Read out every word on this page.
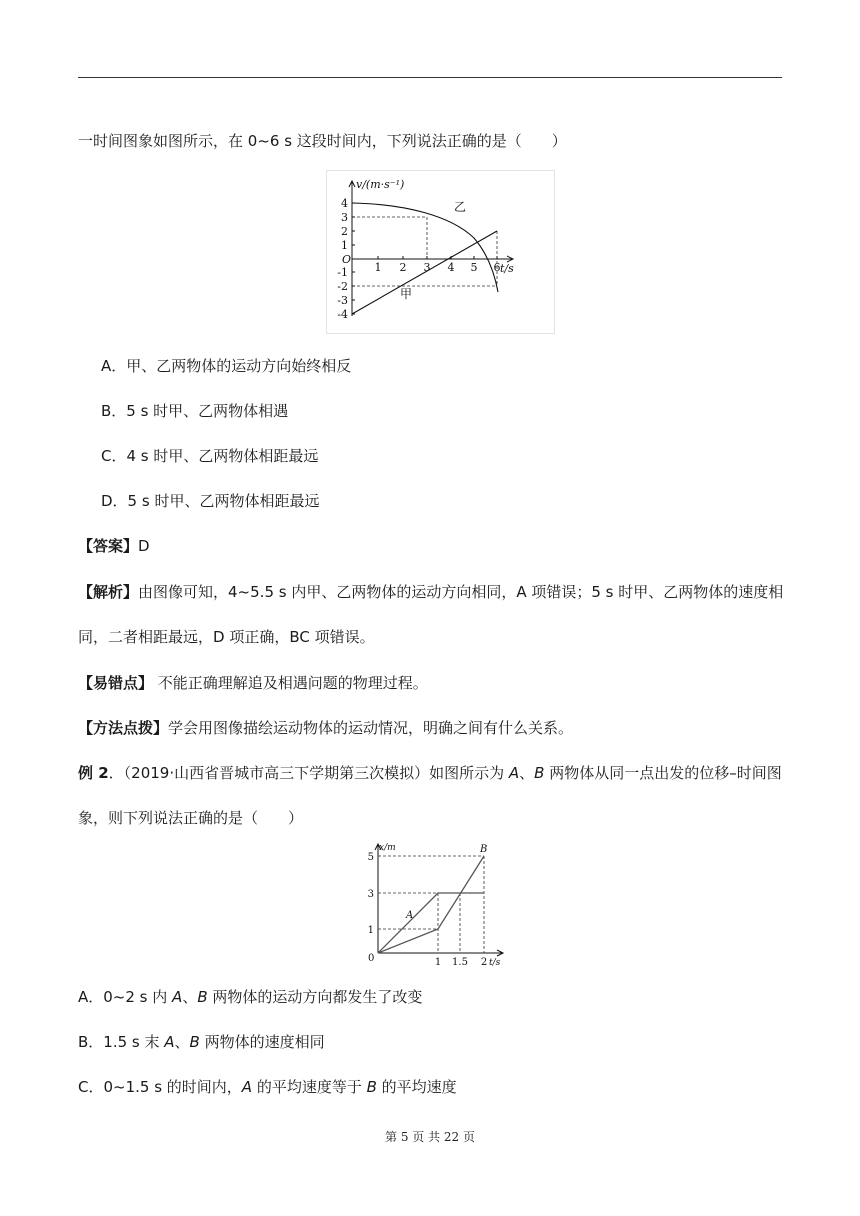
一时间图象如图所示，在 0~6 s 这段时间内，下列说法正确的是（　　）
v/(m·s⁻¹)
t/s
O
1 2 3 4 5 6
4
3
2
1
-1
-2
-3
-4
乙
甲
A．甲、乙两物体的运动方向始终相反
B．5 s 时甲、乙两物体相遇
C．4 s 时甲、乙两物体相距最远
D．5 s 时甲、乙两物体相距最远
【答案】D
【解析】由图像可知，4~5.5 s 内甲、乙两物体的运动方向相同，A 项错误；5 s 时甲、乙两物体的速度相
同，二者相距最远，D 项正确，BC 项错误。
【易错点】 不能正确理解追及相遇问题的物理过程。
【方法点拨】学会用图像描绘运动物体的运动情况，明确之间有什么关系。
例 2．（2019·山西省晋城市高三下学期第三次模拟）如图所示为 A、B 两物体从同一点出发的位移–时间图
象，则下列说法正确的是（　　）
x/m
t/s
0	1 1.5 2
5
3
1
A
B
A．0~2 s 内 A、B 两物体的运动方向都发生了改变
B．1.5 s 末 A、B 两物体的速度相同
C．0~1.5 s 的时间内，A 的平均速度等于 B 的平均速度
第 5 页 共 22 页
